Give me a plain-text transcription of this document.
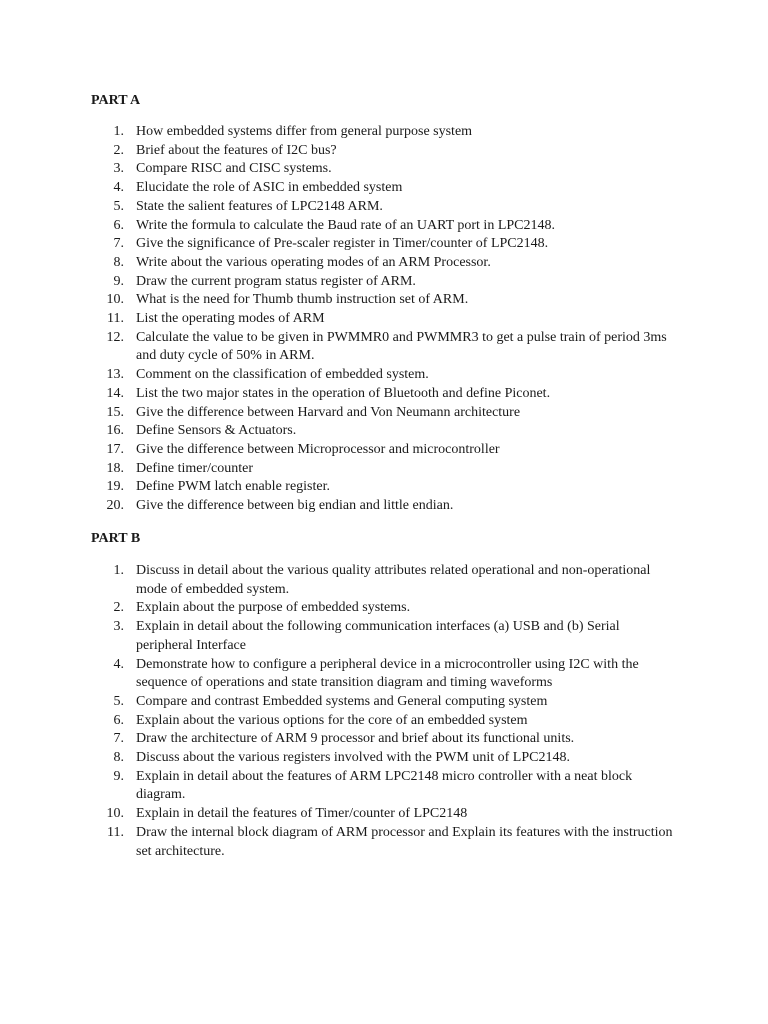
PART A
1. How embedded systems differ from general purpose system
2. Brief about the features of I2C bus?
3. Compare RISC and CISC systems.
4. Elucidate the role of ASIC in embedded system
5. State the salient features of LPC2148 ARM.
6. Write the formula to calculate the Baud rate of an UART port in LPC2148.
7. Give the significance of Pre-scaler register in Timer/counter of LPC2148.
8. Write about the various operating modes of an ARM Processor.
9. Draw the current program status register of ARM.
10. What is the need for Thumb thumb instruction set of ARM.
11. List the operating modes of ARM
12. Calculate the value to be given in PWMMR0 and PWMMR3 to get a pulse train of period 3ms and duty cycle of 50% in ARM.
13. Comment on the classification of embedded system.
14. List the two major states in the operation of Bluetooth and define Piconet.
15. Give the difference between Harvard and Von Neumann architecture
16. Define Sensors & Actuators.
17. Give the difference between Microprocessor and microcontroller
18. Define timer/counter
19. Define PWM latch enable register.
20. Give the difference between big endian and little endian.
PART B
1. Discuss in detail about the various quality attributes related operational and non-operational mode of embedded system.
2. Explain about the purpose of embedded systems.
3. Explain in detail about the following communication interfaces (a) USB and (b) Serial peripheral Interface
4. Demonstrate how to configure a peripheral device in a microcontroller using I2C with the sequence of operations and state transition diagram and timing waveforms
5. Compare and contrast Embedded systems and General computing system
6. Explain about the various options for the core of an embedded system
7. Draw the architecture of ARM 9 processor and brief about its functional units.
8. Discuss about the various registers involved with the PWM unit of LPC2148.
9. Explain in detail about the features of ARM LPC2148 micro controller with a neat block diagram.
10. Explain in detail the features of Timer/counter of LPC2148
11. Draw the internal block diagram of ARM processor and Explain its features with the instruction set architecture.
